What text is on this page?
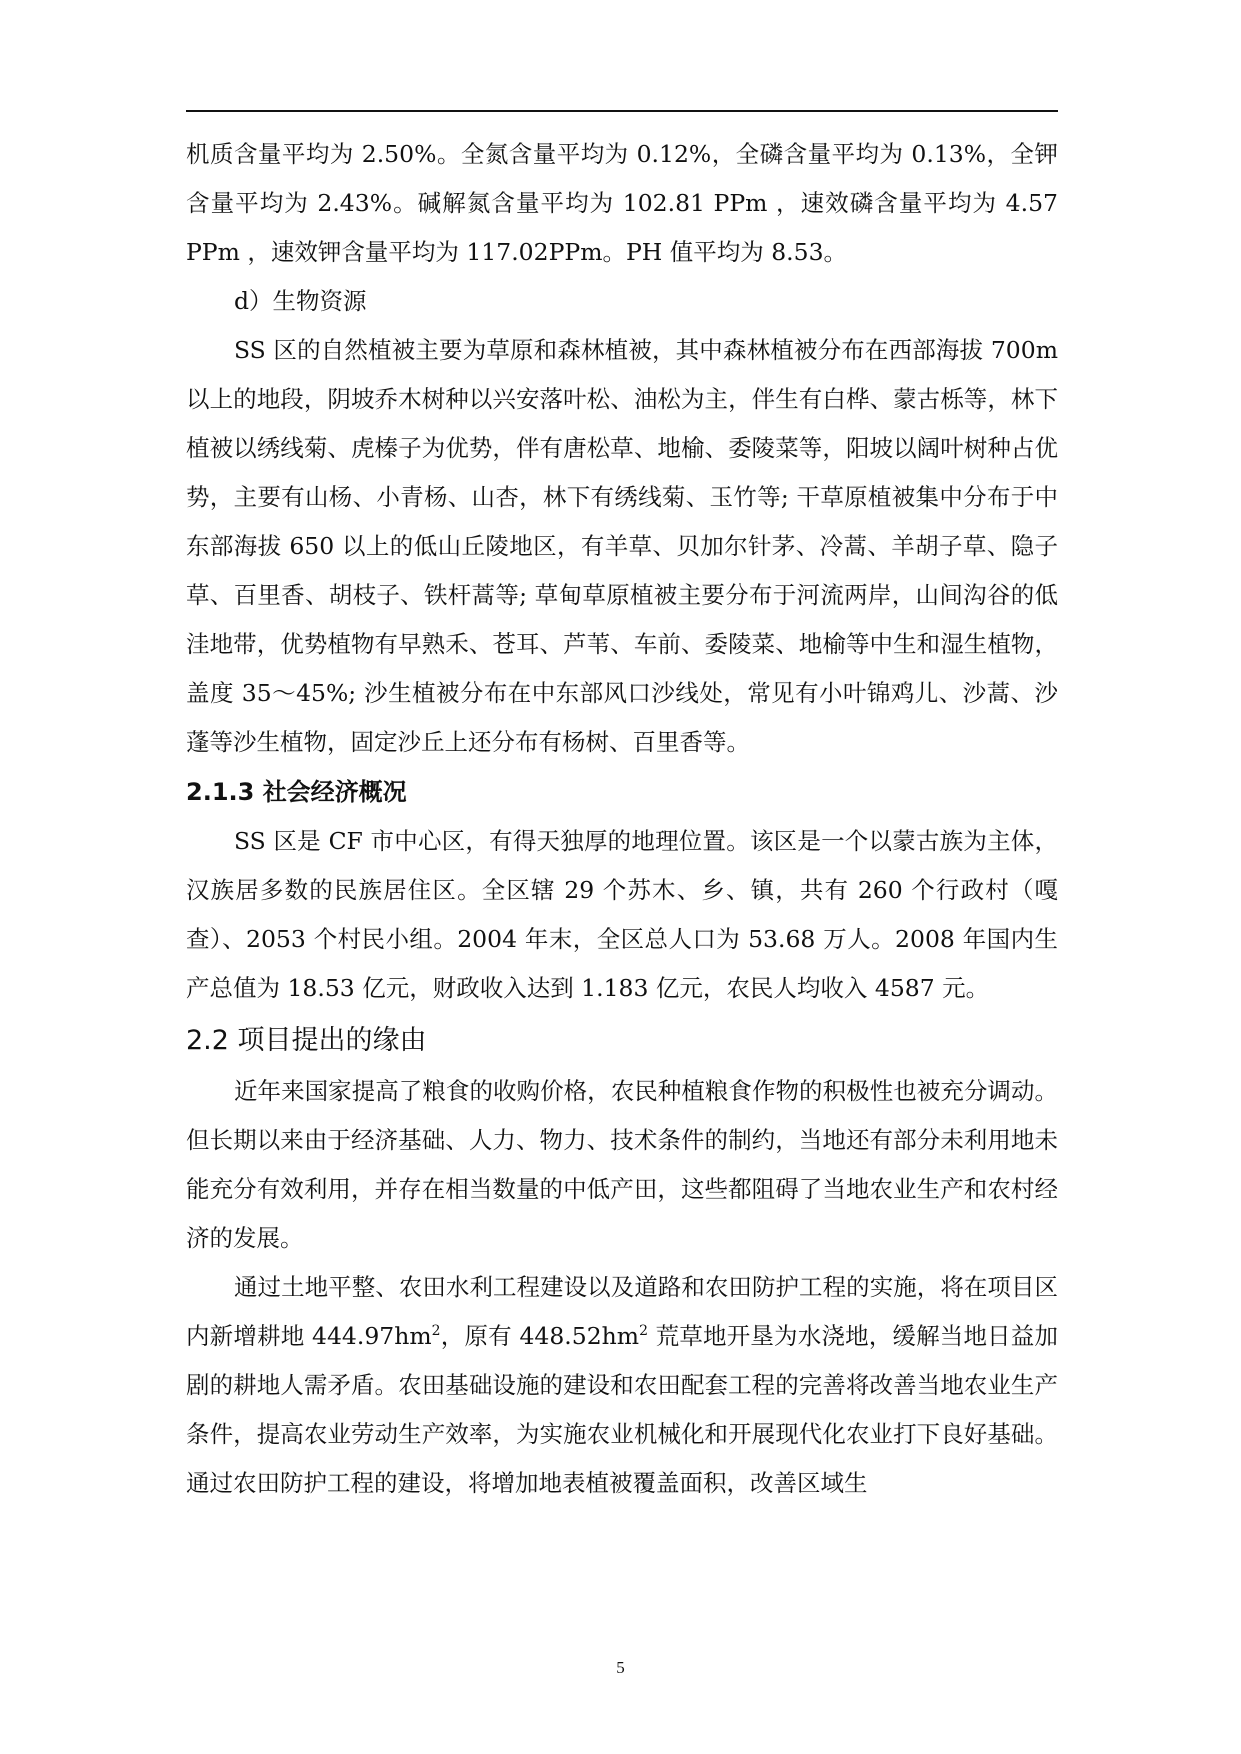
机质含量平均为 2.50%。全氮含量平均为 0.12%，全磷含量平均为 0.13%，全钾含量平均为 2.43%。碱解氮含量平均为 102.81 PPm ，速效磷含量平均为 4.57 PPm ，速效钾含量平均为 117.02PPm。PH 值平均为 8.53。

d）生物资源

SS 区的自然植被主要为草原和森林植被，其中森林植被分布在西部海拔 700m 以上的地段，阴坡乔木树种以兴安落叶松、油松为主，伴生有白桦、蒙古栎等，林下植被以绣线菊、虎榛子为优势，伴有唐松草、地榆、委陵菜等，阳坡以阔叶树种占优势，主要有山杨、小青杨、山杏，林下有绣线菊、玉竹等; 干草原植被集中分布于中东部海拔 650 以上的低山丘陵地区，有羊草、贝加尔针茅、冷蒿、羊胡子草、隐子草、百里香、胡枝子、铁杆蒿等; 草甸草原植被主要分布于河流两岸，山间沟谷的低洼地带，优势植物有早熟禾、苍耳、芦苇、车前、委陵菜、地榆等中生和湿生植物，盖度 35～45%; 沙生植被分布在中东部风口沙线处，常见有小叶锦鸡儿、沙蒿、沙蓬等沙生植物，固定沙丘上还分布有杨树、百里香等。

2.1.3 社会经济概况

SS 区是 CF 市中心区，有得天独厚的地理位置。该区是一个以蒙古族为主体，汉族居多数的民族居住区。全区辖 29 个苏木、乡、镇，共有 260 个行政村（嘎查）、2053 个村民小组。2004 年末，全区总人口为 53.68 万人。2008 年国内生产总值为 18.53 亿元，财政收入达到 1.183 亿元，农民人均收入 4587 元。

2.2 项目提出的缘由

近年来国家提高了粮食的收购价格，农民种植粮食作物的积极性也被充分调动。但长期以来由于经济基础、人力、物力、技术条件的制约，当地还有部分未利用地未能充分有效利用，并存在相当数量的中低产田，这些都阻碍了当地农业生产和农村经济的发展。

通过土地平整、农田水利工程建设以及道路和农田防护工程的实施，将在项目区内新增耕地 $444.97hm^2$，原有 $448.52hm^2$ 荒草地开垦为水浇地，缓解当地日益加剧的耕地人需矛盾。农田基础设施的建设和农田配套工程的完善将改善当地农业生产条件，提高农业劳动生产效率，为实施农业机械化和开展现代化农业打下良好基础。通过农田防护工程的建设，将增加地表植被覆盖面积，改善区域生

5
